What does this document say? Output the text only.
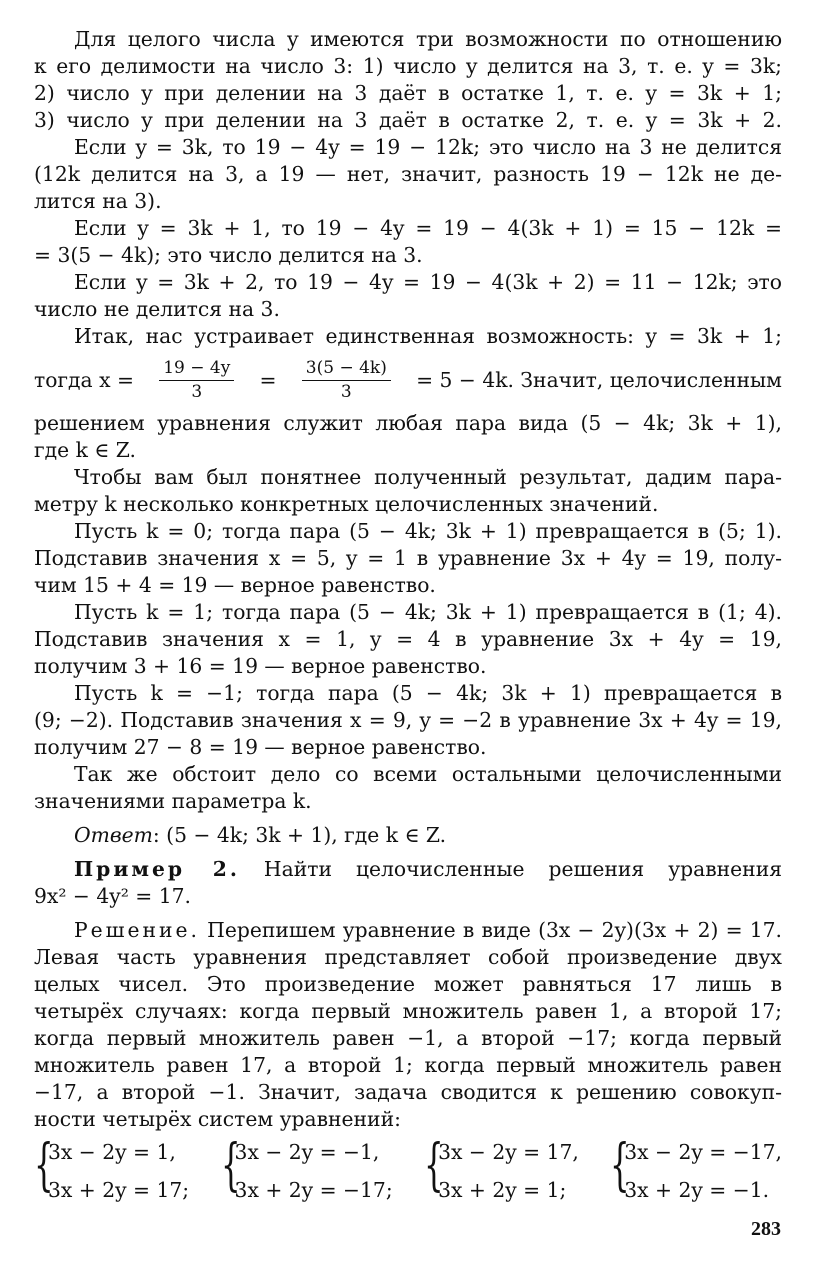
Для целого числа y имеются три возможности по отношению
к его делимости на число 3: 1) число y делится на 3, т. е. y = 3k;
2) число y при делении на 3 даёт в остатке 1, т. е. y = 3k + 1;
3) число y при делении на 3 даёт в остатке 2, т. е. y = 3k + 2.
Если y = 3k, то 19 − 4y = 19 − 12k; это число на 3 не делится
(12k делится на 3, а 19 — нет, значит, разность 19 − 12k не де-
лится на 3).
Если y = 3k + 1, то 19 − 4y = 19 − 4(3k + 1) = 15 − 12k =
= 3(5 − 4k); это число делится на 3.
Если y = 3k + 2, то 19 − 4y = 19 − 4(3k + 2) = 11 − 12k; это
число не делится на 3.
Итак, нас устраивает единственная возможность: y = 3k + 1;
тогда $x = \frac{19 - 4y}{3} = \frac{3(5 - 4k)}{3} = 5 - 4k$. Значит, целочисленным
решением уравнения служит любая пара вида (5 − 4k; 3k + 1),
где k ∈ Z.
Чтобы вам был понятнее полученный результат, дадим пара-
метру k несколько конкретных целочисленных значений.
Пусть k = 0; тогда пара (5 − 4k; 3k + 1) превращается в (5; 1).
Подставив значения x = 5, y = 1 в уравнение 3x + 4y = 19, полу-
чим 15 + 4 = 19 — верное равенство.
Пусть k = 1; тогда пара (5 − 4k; 3k + 1) превращается в (1; 4).
Подставив значения x = 1, y = 4 в уравнение 3x + 4y = 19,
получим 3 + 16 = 19 — верное равенство.
Пусть k = −1; тогда пара (5 − 4k; 3k + 1) превращается в
(9; −2). Подставив значения x = 9, y = −2 в уравнение 3x + 4y = 19,
получим 27 − 8 = 19 — верное равенство.
Так же обстоит дело со всеми остальными целочисленными
значениями параметра k.
Ответ: (5 − 4k; 3k + 1), где k ∈ Z.
Пример 2. Найти целочисленные решения уравнения
9x² − 4y² = 17.
Решение. Перепишем уравнение в виде (3x − 2y)(3x + 2) = 17.
Левая часть уравнения представляет собой произведение двух
целых чисел. Это произведение может равняться 17 лишь в
четырёх случаях: когда первый множитель равен 1, а второй 17;
когда первый множитель равен −1, а второй −17; когда первый
множитель равен 17, а второй 1; когда первый множитель равен
−17, а второй −1. Значит, задача сводится к решению совокуп-
ности четырёх систем уравнений:
{
3x − 2y = 1,
3x + 2y = 17; {
3x − 2y = −1,
3x + 2y = −17; {
3x − 2y = 17,
3x + 2y = 1; {
3x − 2y = −17,
3x + 2y = −1.
283
